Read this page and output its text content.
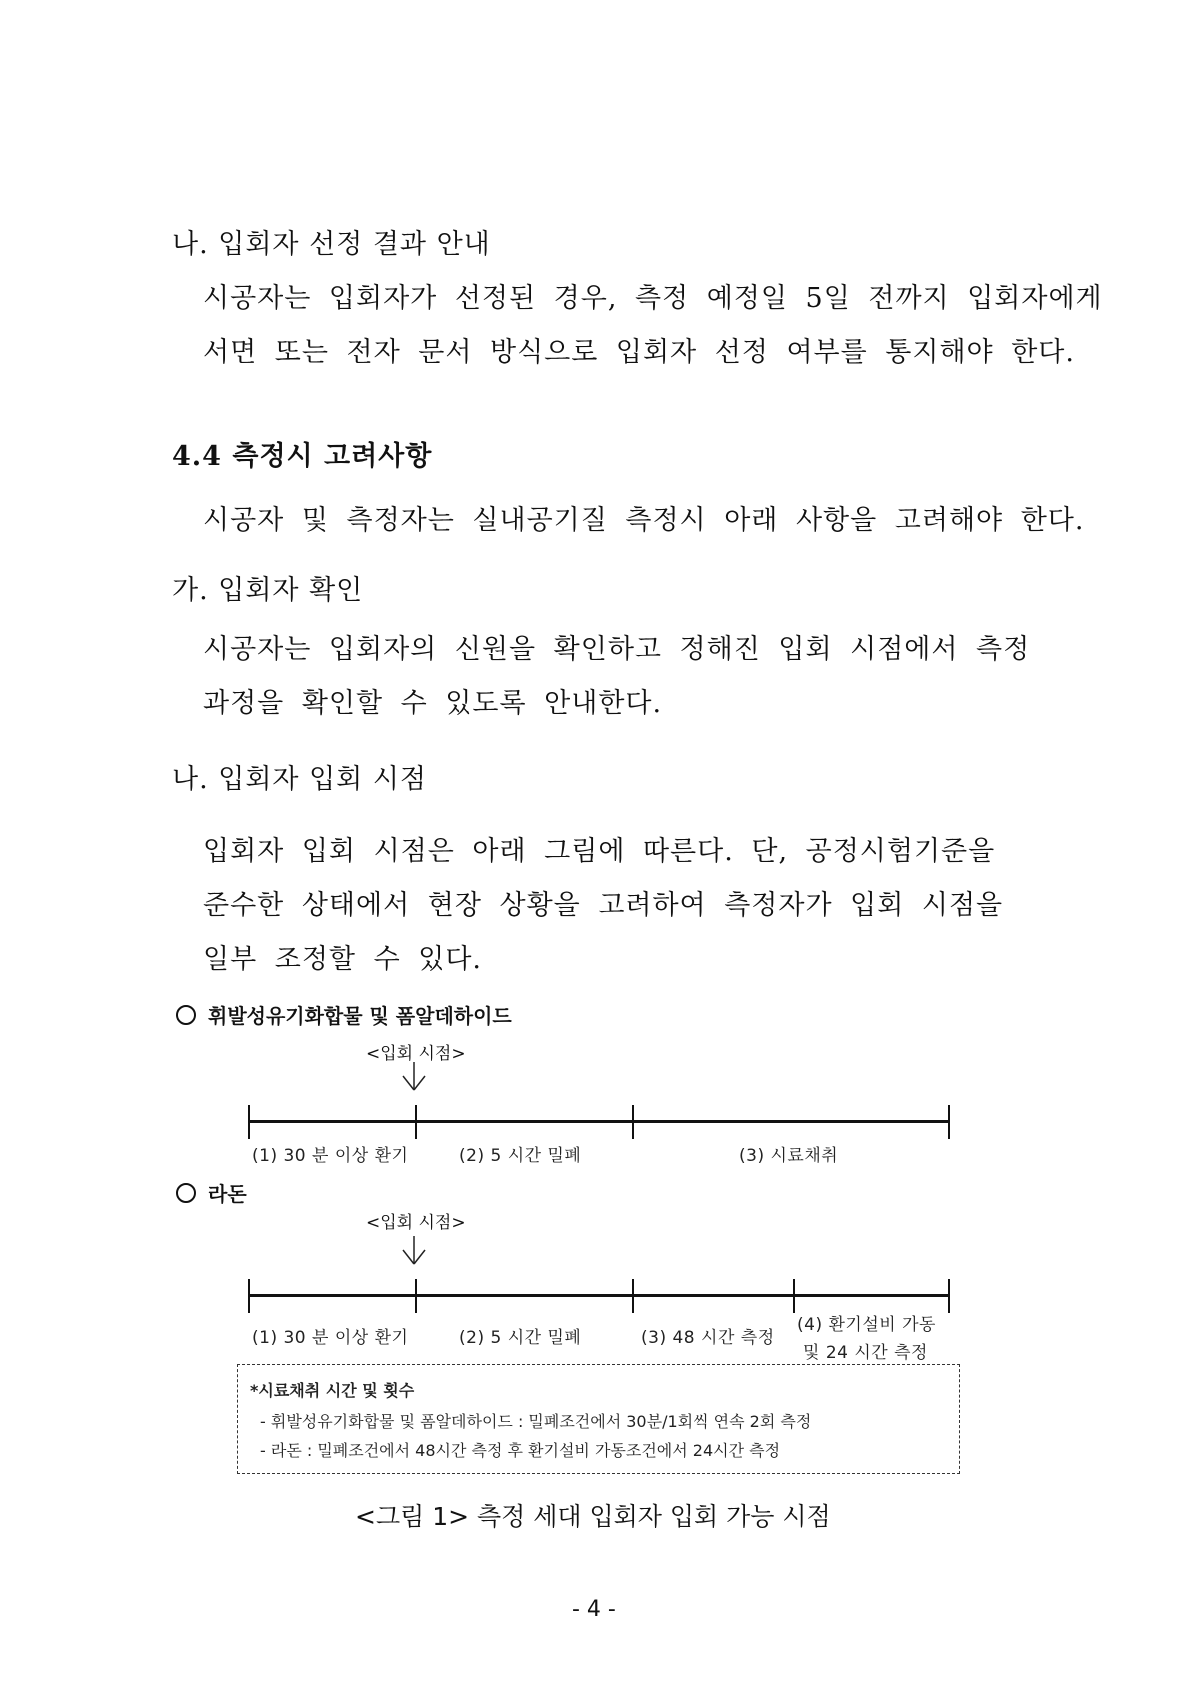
나. 입회자 선정 결과 안내
시공자는 입회자가 선정된 경우, 측정 예정일 5일 전까지 입회자에게
서면 또는 전자 문서 방식으로 입회자 선정 여부를 통지해야 한다.
4.4 측정시 고려사항
시공자 및 측정자는 실내공기질 측정시 아래 사항을 고려해야 한다.
가. 입회자 확인
시공자는 입회자의 신원을 확인하고 정해진 입회 시점에서 측정
과정을 확인할 수 있도록 안내한다.
나. 입회자 입회 시점
입회자 입회 시점은 아래 그림에 따른다. 단, 공정시험기준을
준수한 상태에서 현장 상황을 고려하여 측정자가 입회 시점을
일부 조정할 수 있다.
휘발성유기화합물 및 폼알데하이드
<입회 시점>
(1) 30 분 이상 환기	(2) 5 시간 밀폐	(3) 시료채취
라돈
<입회 시점>
(1) 30 분 이상 환기	(2) 5 시간 밀폐	(3) 48 시간 측정
(4) 환기설비 가동
및 24 시간 측정
*시료채취 시간 및 횟수
- 휘발성유기화합물 및 폼알데하이드 : 밀폐조건에서 30분/1회씩 연속 2회 측정
- 라돈 : 밀폐조건에서 48시간 측정 후 환기설비 가동조건에서 24시간 측정
<그림 1> 측정 세대 입회자 입회 가능 시점
- 4 -
